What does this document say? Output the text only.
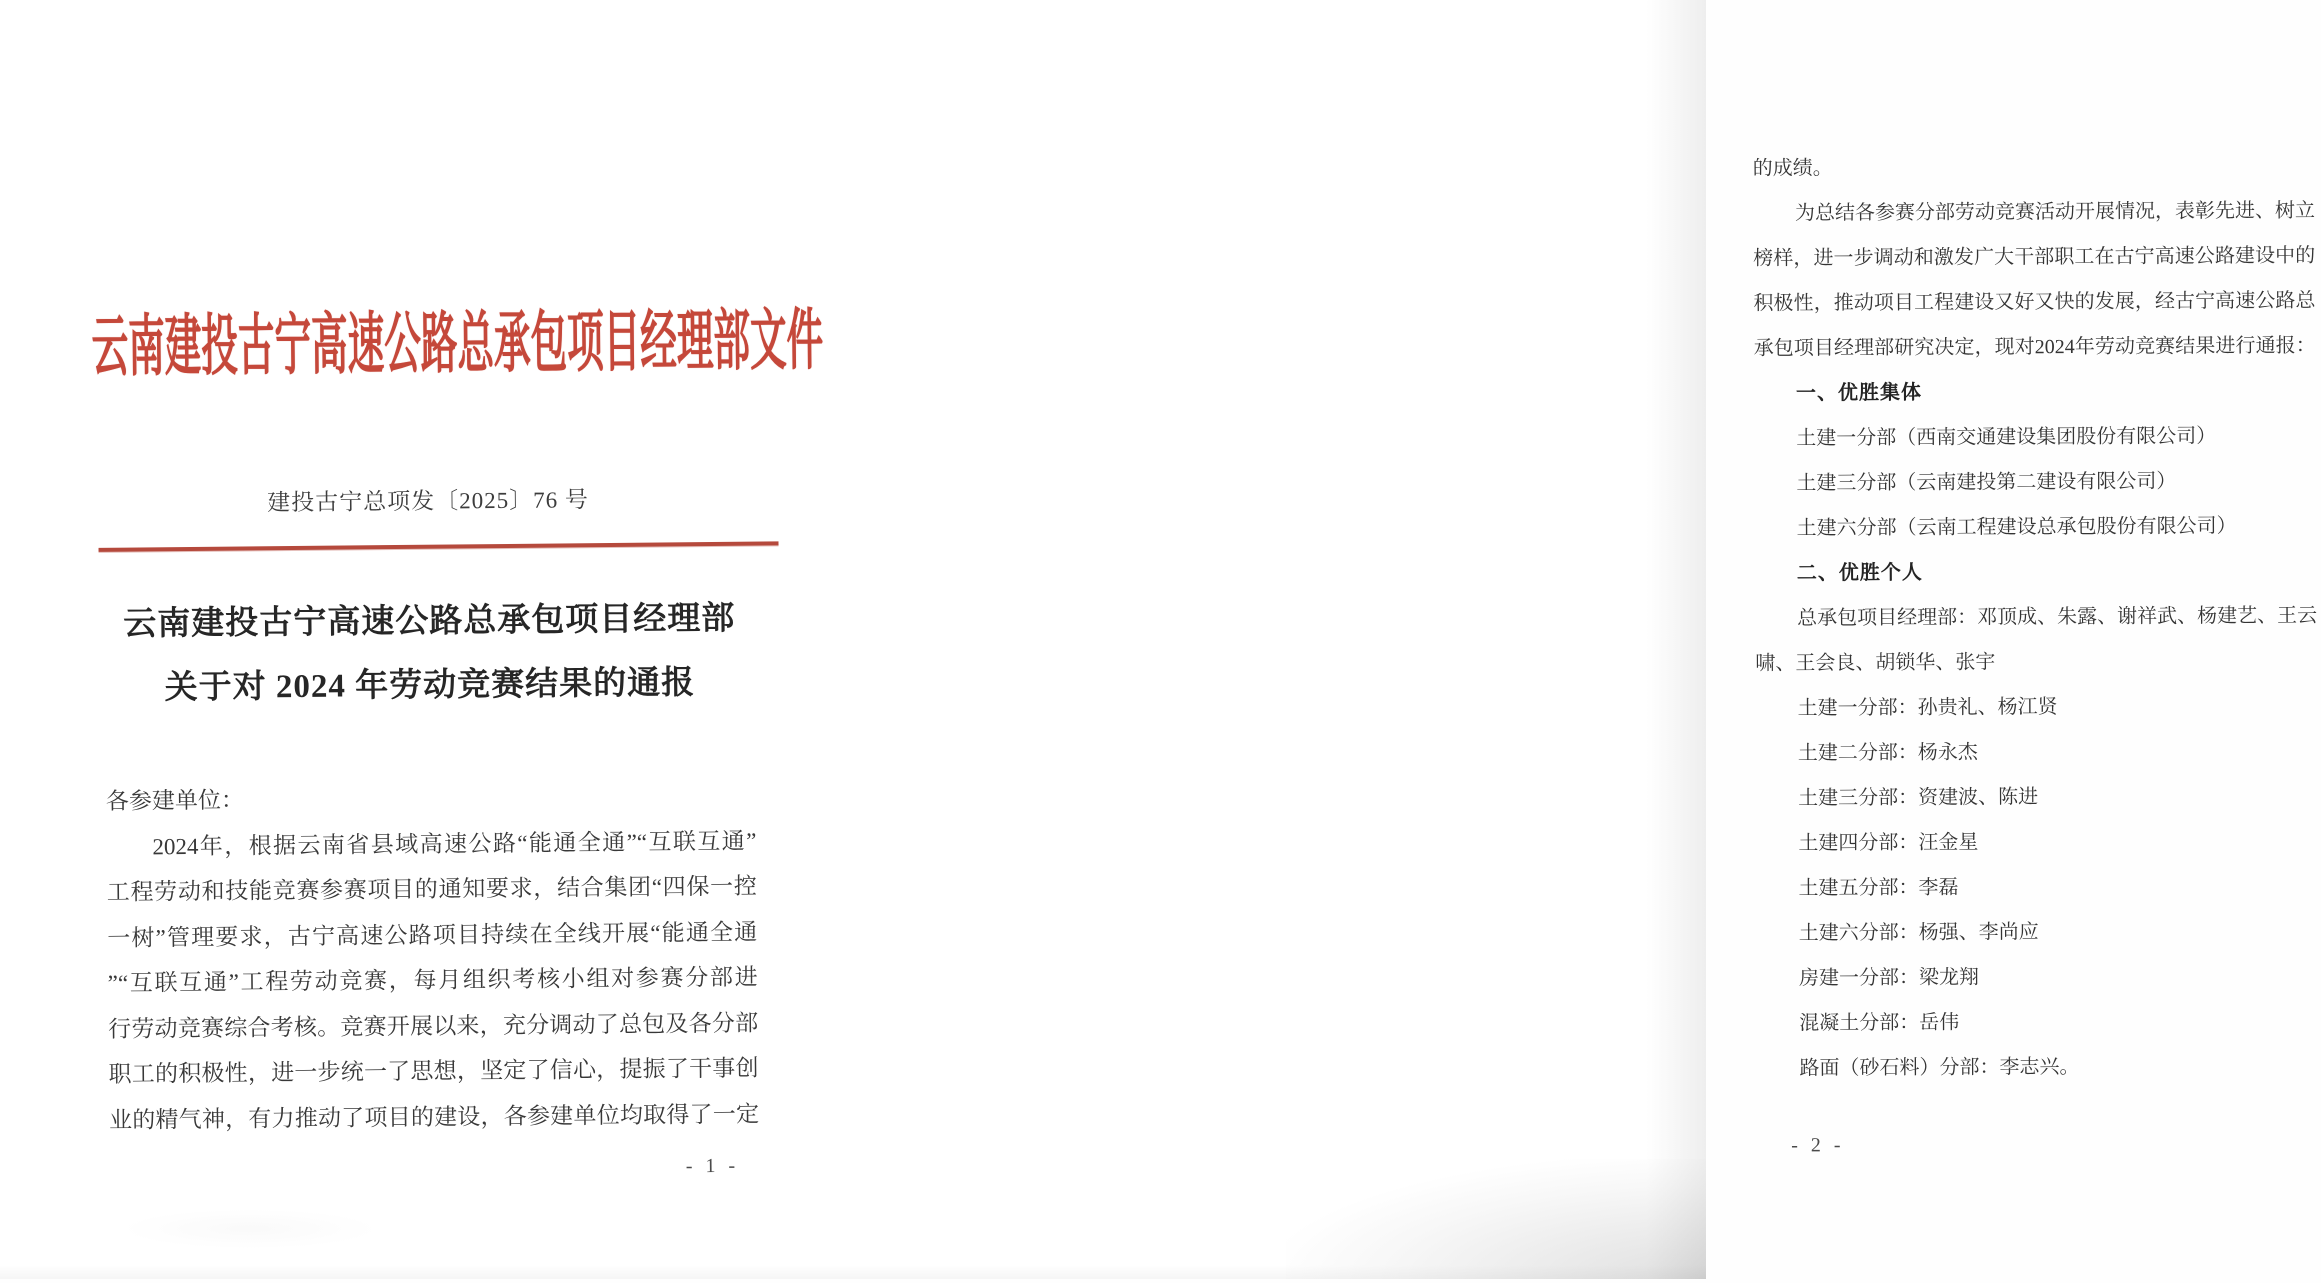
云南建投古宁高速公路总承包项目经理部文件
建投古宁总项发〔2025〕76 号
云南建投古宁高速公路总承包项目经理部
关于对 2024 年劳动竞赛结果的通报
各参建单位：
2024年，根据云南省县域高速公路“能通全通”“互联互通”
工程劳动和技能竞赛参赛项目的通知要求，结合集团“四保一控
一树”管理要求，古宁高速公路项目持续在全线开展“能通全通
”“互联互通”工程劳动竞赛，每月组织考核小组对参赛分部进
行劳动竞赛综合考核。竞赛开展以来，充分调动了总包及各分部
职工的积极性，进一步统一了思想，坚定了信心，提振了干事创
业的精气神，有力推动了项目的建设，各参建单位均取得了一定
- 1 -
的成绩。
为总结各参赛分部劳动竞赛活动开展情况，表彰先进、树立
榜样，进一步调动和激发广大干部职工在古宁高速公路建设中的
积极性，推动项目工程建设又好又快的发展，经古宁高速公路总
承包项目经理部研究决定，现对2024年劳动竞赛结果进行通报：
一、优胜集体
土建一分部（西南交通建设集团股份有限公司）
土建三分部（云南建投第二建设有限公司）
土建六分部（云南工程建设总承包股份有限公司）
二、优胜个人
总承包项目经理部：邓顶成、朱露、谢祥武、杨建艺、王云
啸、王会良、胡锁华、张宇
土建一分部：孙贵礼、杨江贤
土建二分部：杨永杰
土建三分部：资建波、陈进
土建四分部：汪金星
土建五分部：李磊
土建六分部：杨强、李尚应
房建一分部：梁龙翔
混凝土分部：岳伟
路面（砂石料）分部：李志兴。
- 2 -
